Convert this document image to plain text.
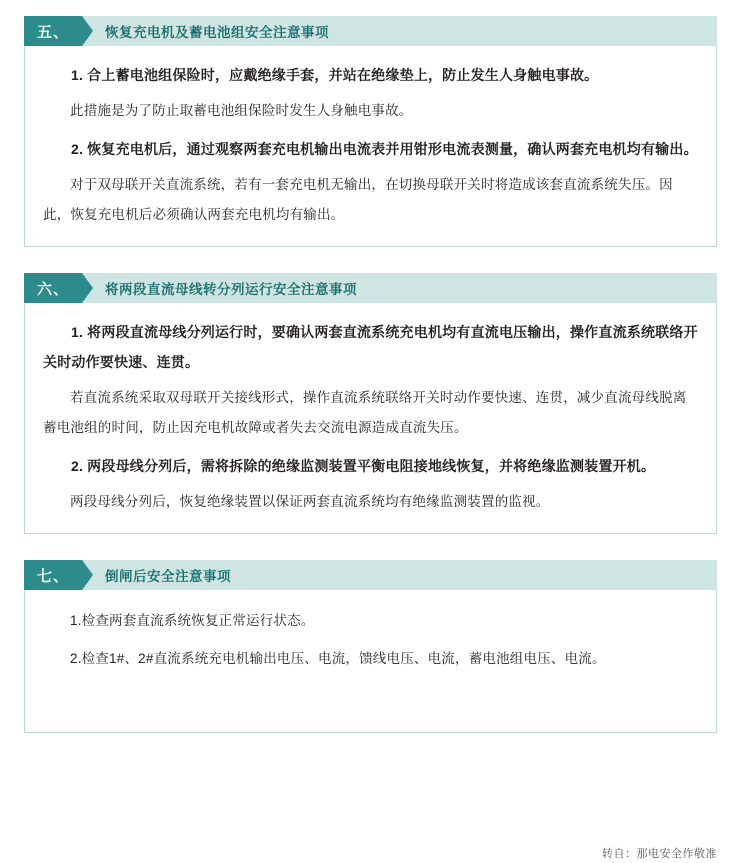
五、	恢复充电机及蓄电池组安全注意事项

1. 合上蓄电池组保险时，应戴绝缘手套，并站在绝缘垫上，防止发生人身触电事故。

此措施是为了防止取蓄电池组保险时发生人身触电事故。

2. 恢复充电机后，通过观察两套充电机输出电流表并用钳形电流表测量，确认两套充电机均有输出。

对于双母联开关直流系统，若有一套充电机无输出，在切换母联开关时将造成该套直流系统失压。因此，恢复充电机后必须确认两套充电机均有输出。

六、	将两段直流母线转分列运行安全注意事项

1. 将两段直流母线分列运行时，要确认两套直流系统充电机均有直流电压输出，操作直流系统联络开关时动作要快速、连贯。

若直流系统采取双母联开关接线形式，操作直流系统联络开关时动作要快速、连贯，减少直流母线脱离蓄电池组的时间，防止因充电机故障或者失去交流电源造成直流失压。

2. 两段母线分列后，需将拆除的绝缘监测装置平衡电阻接地线恢复，并将绝缘监测装置开机。

两段母线分列后，恢复绝缘装置以保证两套直流系统均有绝缘监测装置的监视。

七、	倒闸后安全注意事项

1.检查两套直流系统恢复正常运行状态。

2.检查1#、2#直流系统充电机输出电压、电流，馈线电压、电流，蓄电池组电压、电流。

转自：那电安全作敬准
